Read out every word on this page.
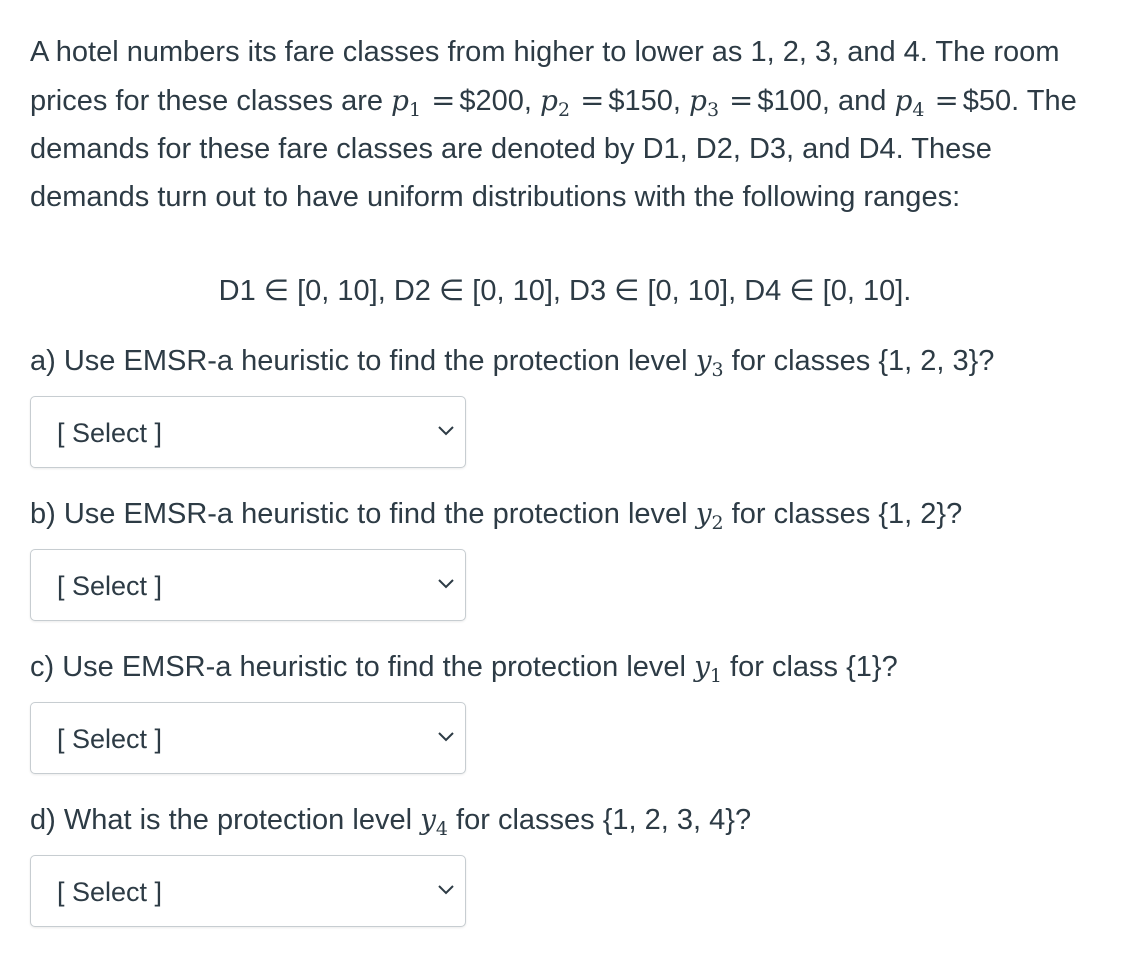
A hotel numbers its fare classes from higher to lower as 1, 2, 3, and 4. The room prices for these classes are $p_1$ = $200, $p_2$ = $150, $p_3$ = $100, and $p_4$ = $50. The demands for these fare classes are denoted by D1, D2, D3, and D4. These demands turn out to have uniform distributions with the following ranges:

D1 ∈ [0, 10], D2 ∈ [0, 10], D3 ∈ [0, 10], D4 ∈ [0, 10].

a) Use EMSR-a heuristic to find the protection level $y_3$ for classes {1, 2, 3}?

[ Select ]

b) Use EMSR-a heuristic to find the protection level $y_2$ for classes {1, 2}?

[ Select ]

c) Use EMSR-a heuristic to find the protection level $y_1$ for class {1}?

[ Select ]

d) What is the protection level $y_4$ for classes {1, 2, 3, 4}?

[ Select ]
